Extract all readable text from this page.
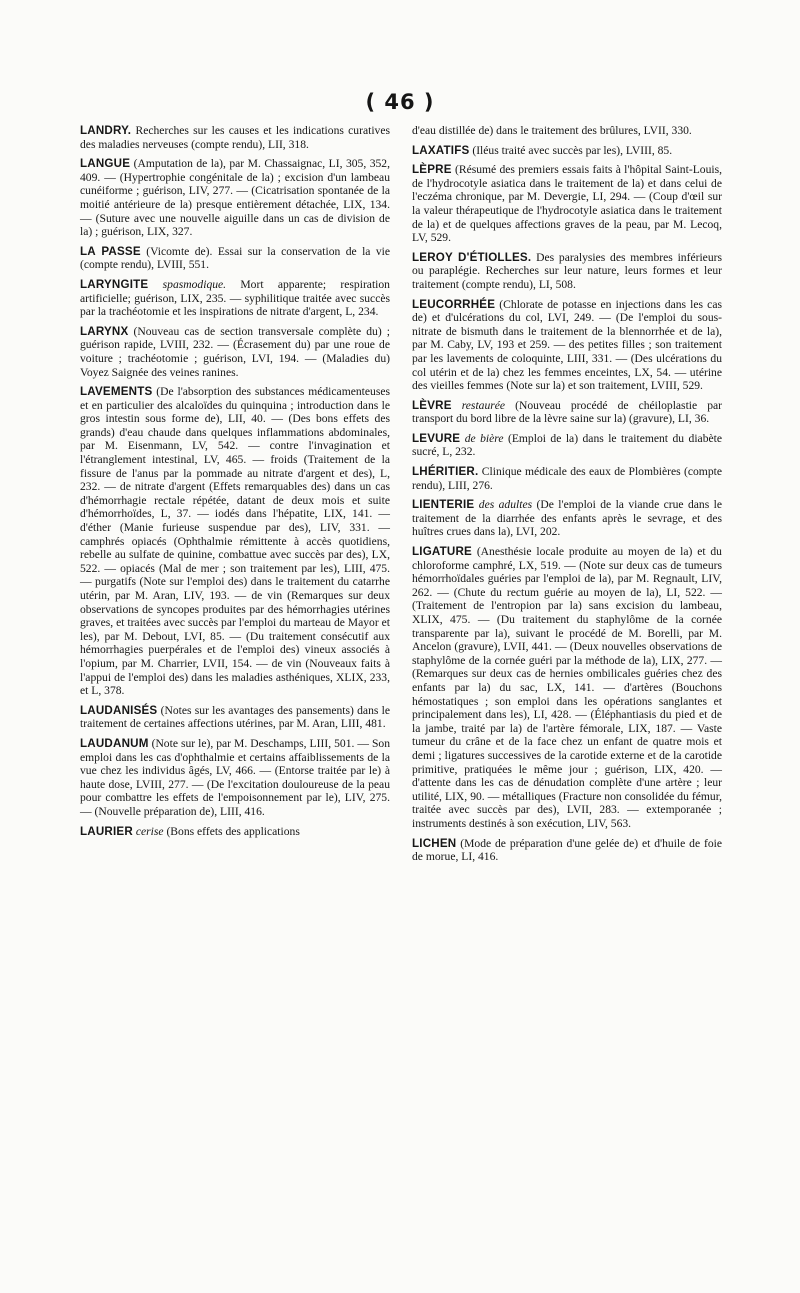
( 46 )

LANDRY. Recherches sur les causes et les indications curatives des maladies nerveuses (compte rendu), LII, 318.

LANGUE (Amputation de la), par M. Chassaignac, LI, 305, 352, 409. — (Hypertrophie congénitale de la) ; excision d'un lambeau cunéiforme ; guérison, LIV, 277. — (Cicatrisation spontanée de la moitié antérieure de la) presque entièrement détachée, LIX, 134. — (Suture avec une nouvelle aiguille dans un cas de division de la) ; guérison, LIX, 327.

LA PASSE (Vicomte de). Essai sur la conservation de la vie (compte rendu), LVIII, 551.

LARYNGITE spasmodique. Mort apparente; respiration artificielle; guérison, LIX, 235. — syphilitique traitée avec succès par la trachéotomie et les inspirations de nitrate d'argent, L, 234.

LARYNX (Nouveau cas de section transversale complète du) ; guérison rapide, LVIII, 232. — (Écrasement du) par une roue de voiture ; trachéotomie ; guérison, LVI, 194. — (Maladies du) Voyez Saignée des veines ranines.

LAVEMENTS (De l'absorption des substances médicamenteuses et en particulier des alcaloïdes du quinquina ; introduction dans le gros intestin sous forme de), LII, 40. — (Des bons effets des grands) d'eau chaude dans quelques inflammations abdominales, par M. Eisenmann, LV, 542. — contre l'invagination et l'étranglement intestinal, LV, 465. — froids (Traitement de la fissure de l'anus par la pommade au nitrate d'argent et des), L, 232. — de nitrate d'argent (Effets remarquables des) dans un cas d'hémorrhagie rectale répétée, datant de deux mois et suite d'hémorrhoïdes, L, 37. — iodés dans l'hépatite, LIX, 141. — d'éther (Manie furieuse suspendue par des), LIV, 331. — camphrés opiacés (Ophthalmie rémittente à accès quotidiens, rebelle au sulfate de quinine, combattue avec succès par des), LX, 522. — opiacés (Mal de mer ; son traitement par les), LIII, 475. — purgatifs (Note sur l'emploi des) dans le traitement du catarrhe utérin, par M. Aran, LIV, 193. — de vin (Remarques sur deux observations de syncopes produites par des hémorrhagies utérines graves, et traitées avec succès par l'emploi du marteau de Mayor et les), par M. Debout, LVI, 85. — (Du traitement consécutif aux hémorrhagies puerpérales et de l'emploi des) vineux associés à l'opium, par M. Charrier, LVII, 154. — de vin (Nouveaux faits à l'appui de l'emploi des) dans les maladies asthéniques, XLIX, 233, et L, 378.

LAUDANISÉS (Notes sur les avantages des pansements) dans le traitement de certaines affections utérines, par M. Aran, LIII, 481.

LAUDANUM (Note sur le), par M. Deschamps, LIII, 501. — Son emploi dans les cas d'ophthalmie et certains affaiblissements de la vue chez les individus âgés, LV, 466. — (Entorse traitée par le) à haute dose, LVIII, 277. — (De l'excitation douloureuse de la peau pour combattre les effets de l'empoisonnement par le), LIV, 275. — (Nouvelle préparation de), LIII, 416.

LAURIER cerise (Bons effets des applications

d'eau distillée de) dans le traitement des brûlures, LVII, 330.

LAXATIFS (Iléus traité avec succès par les), LVIII, 85.

LÈPRE (Résumé des premiers essais faits à l'hôpital Saint-Louis, de l'hydrocotyle asiatica dans le traitement de la) et dans celui de l'eczéma chronique, par M. Devergie, LI, 294. — (Coup d'œil sur la valeur thérapeutique de l'hydrocotyle asiatica dans le traitement de la) et de quelques affections graves de la peau, par M. Lecoq, LV, 529.

LEROY D'ÉTIOLLES. Des paralysies des membres inférieurs ou paraplégie. Recherches sur leur nature, leurs formes et leur traitement (compte rendu), LI, 508.

LEUCORRHÉE (Chlorate de potasse en injections dans les cas de) et d'ulcérations du col, LVI, 249. — (De l'emploi du sous-nitrate de bismuth dans le traitement de la blennorrhée et de la), par M. Caby, LV, 193 et 259. — des petites filles ; son traitement par les lavements de coloquinte, LIII, 331. — (Des ulcérations du col utérin et de la) chez les femmes enceintes, LX, 54. — utérine des vieilles femmes (Note sur la) et son traitement, LVIII, 529.

LÈVRE restaurée (Nouveau procédé de chéiloplastie par transport du bord libre de la lèvre saine sur la) (gravure), LI, 36.

LEVURE de bière (Emploi de la) dans le traitement du diabète sucré, L, 232.

LHÉRITIER. Clinique médicale des eaux de Plombières (compte rendu), LIII, 276.

LIENTERIE des adultes (De l'emploi de la viande crue dans le traitement de la diarrhée des enfants après le sevrage, et des huîtres crues dans la), LVI, 202.

LIGATURE (Anesthésie locale produite au moyen de la) et du chloroforme camphré, LX, 519. — (Note sur deux cas de tumeurs hémorrhoïdales guéries par l'emploi de la), par M. Regnault, LIV, 262. — (Chute du rectum guérie au moyen de la), LI, 522. — (Traitement de l'entropion par la) sans excision du lambeau, XLIX, 475. — (Du traitement du staphylôme de la cornée transparente par la), suivant le procédé de M. Borelli, par M. Ancelon (gravure), LVII, 441. — (Deux nouvelles observations de staphylôme de la cornée guéri par la méthode de la), LIX, 277. — (Remarques sur deux cas de hernies ombilicales guéries chez des enfants par la) du sac, LX, 141. — d'artères (Bouchons hémostatiques ; son emploi dans les opérations sanglantes et principalement dans les), LI, 428. — (Éléphantiasis du pied et de la jambe, traité par la) de l'artère fémorale, LIX, 187. — Vaste tumeur du crâne et de la face chez un enfant de quatre mois et demi ; ligatures successives de la carotide externe et de la carotide primitive, pratiquées le même jour ; guérison, LIX, 420. — d'attente dans les cas de dénudation complète d'une artère ; leur utilité, LIX, 90. — métalliques (Fracture non consolidée du fémur, traitée avec succès par des), LVII, 283. — extemporanée ; instruments destinés à son exécution, LIV, 563.

LICHEN (Mode de préparation d'une gelée de) et d'huile de foie de morue, LI, 416.
